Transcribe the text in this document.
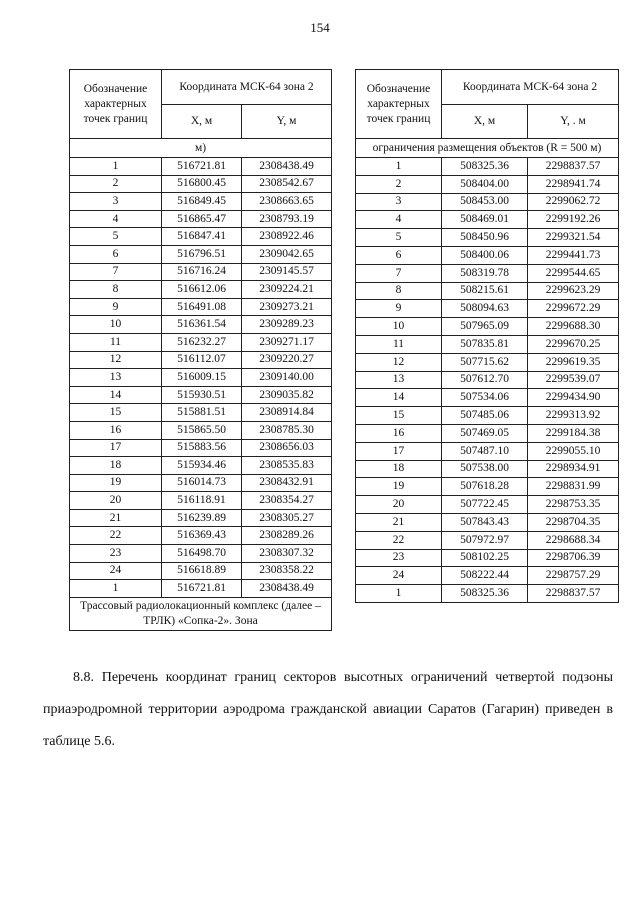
154
Обозначение характерных точек границ	Координата МСК-64 зона 2	
	X, м	Y, м
м)		
1	516721.81	2308438.49
2	516800.45	2308542.67
3	516849.45	2308663.65
4	516865.47	2308793.19
5	516847.41	2308922.46
6	516796.51	2309042.65
7	516716.24	2309145.57
8	516612.06	2309224.21
9	516491.08	2309273.21
10	516361.54	2309289.23
11	516232.27	2309271.17
12	516112.07	2309220.27
13	516009.15	2309140.00
14	515930.51	2309035.82
15	515881.51	2308914.84
16	515865.50	2308785.30
17	515883.56	2308656.03
18	515934.46	2308535.83
19	516014.73	2308432.91
20	516118.91	2308354.27
21	516239.89	2308305.27
22	516369.43	2308289.26
23	516498.70	2308307.32
24	516618.89	2308358.22
1	516721.81	2308438.49
Трассовый радиолокационный комплекс (далее – ТРЛК) «Сопка-2». Зона		
Обозначение характерных точек границ	Координата МСК-64 зона 2	
	X, м	Y, . м
ограничения размещения объектов (R = 500 м)		
1	508325.36	2298837.57
2	508404.00	2298941.74
3	508453.00	2299062.72
4	508469.01	2299192.26
5	508450.96	2299321.54
6	508400.06	2299441.73
7	508319.78	2299544.65
8	508215.61	2299623.29
9	508094.63	2299672.29
10	507965.09	2299688.30
11	507835.81	2299670.25
12	507715.62	2299619.35
13	507612.70	2299539.07
14	507534.06	2299434.90
15	507485.06	2299313.92
16	507469.05	2299184.38
17	507487.10	2299055.10
18	507538.00	2298934.91
19	507618.28	2298831.99
20	507722.45	2298753.35
21	507843.43	2298704.35
22	507972.97	2298688.34
23	508102.25	2298706.39
24	508222.44	2298757.29
1	508325.36	2298837.57

8.8. Перечень координат границ секторов высотных ограничений четвертой подзоны приаэродромной территории аэродрома гражданской авиации Саратов (Гагарин) приведен в таблице 5.6.
